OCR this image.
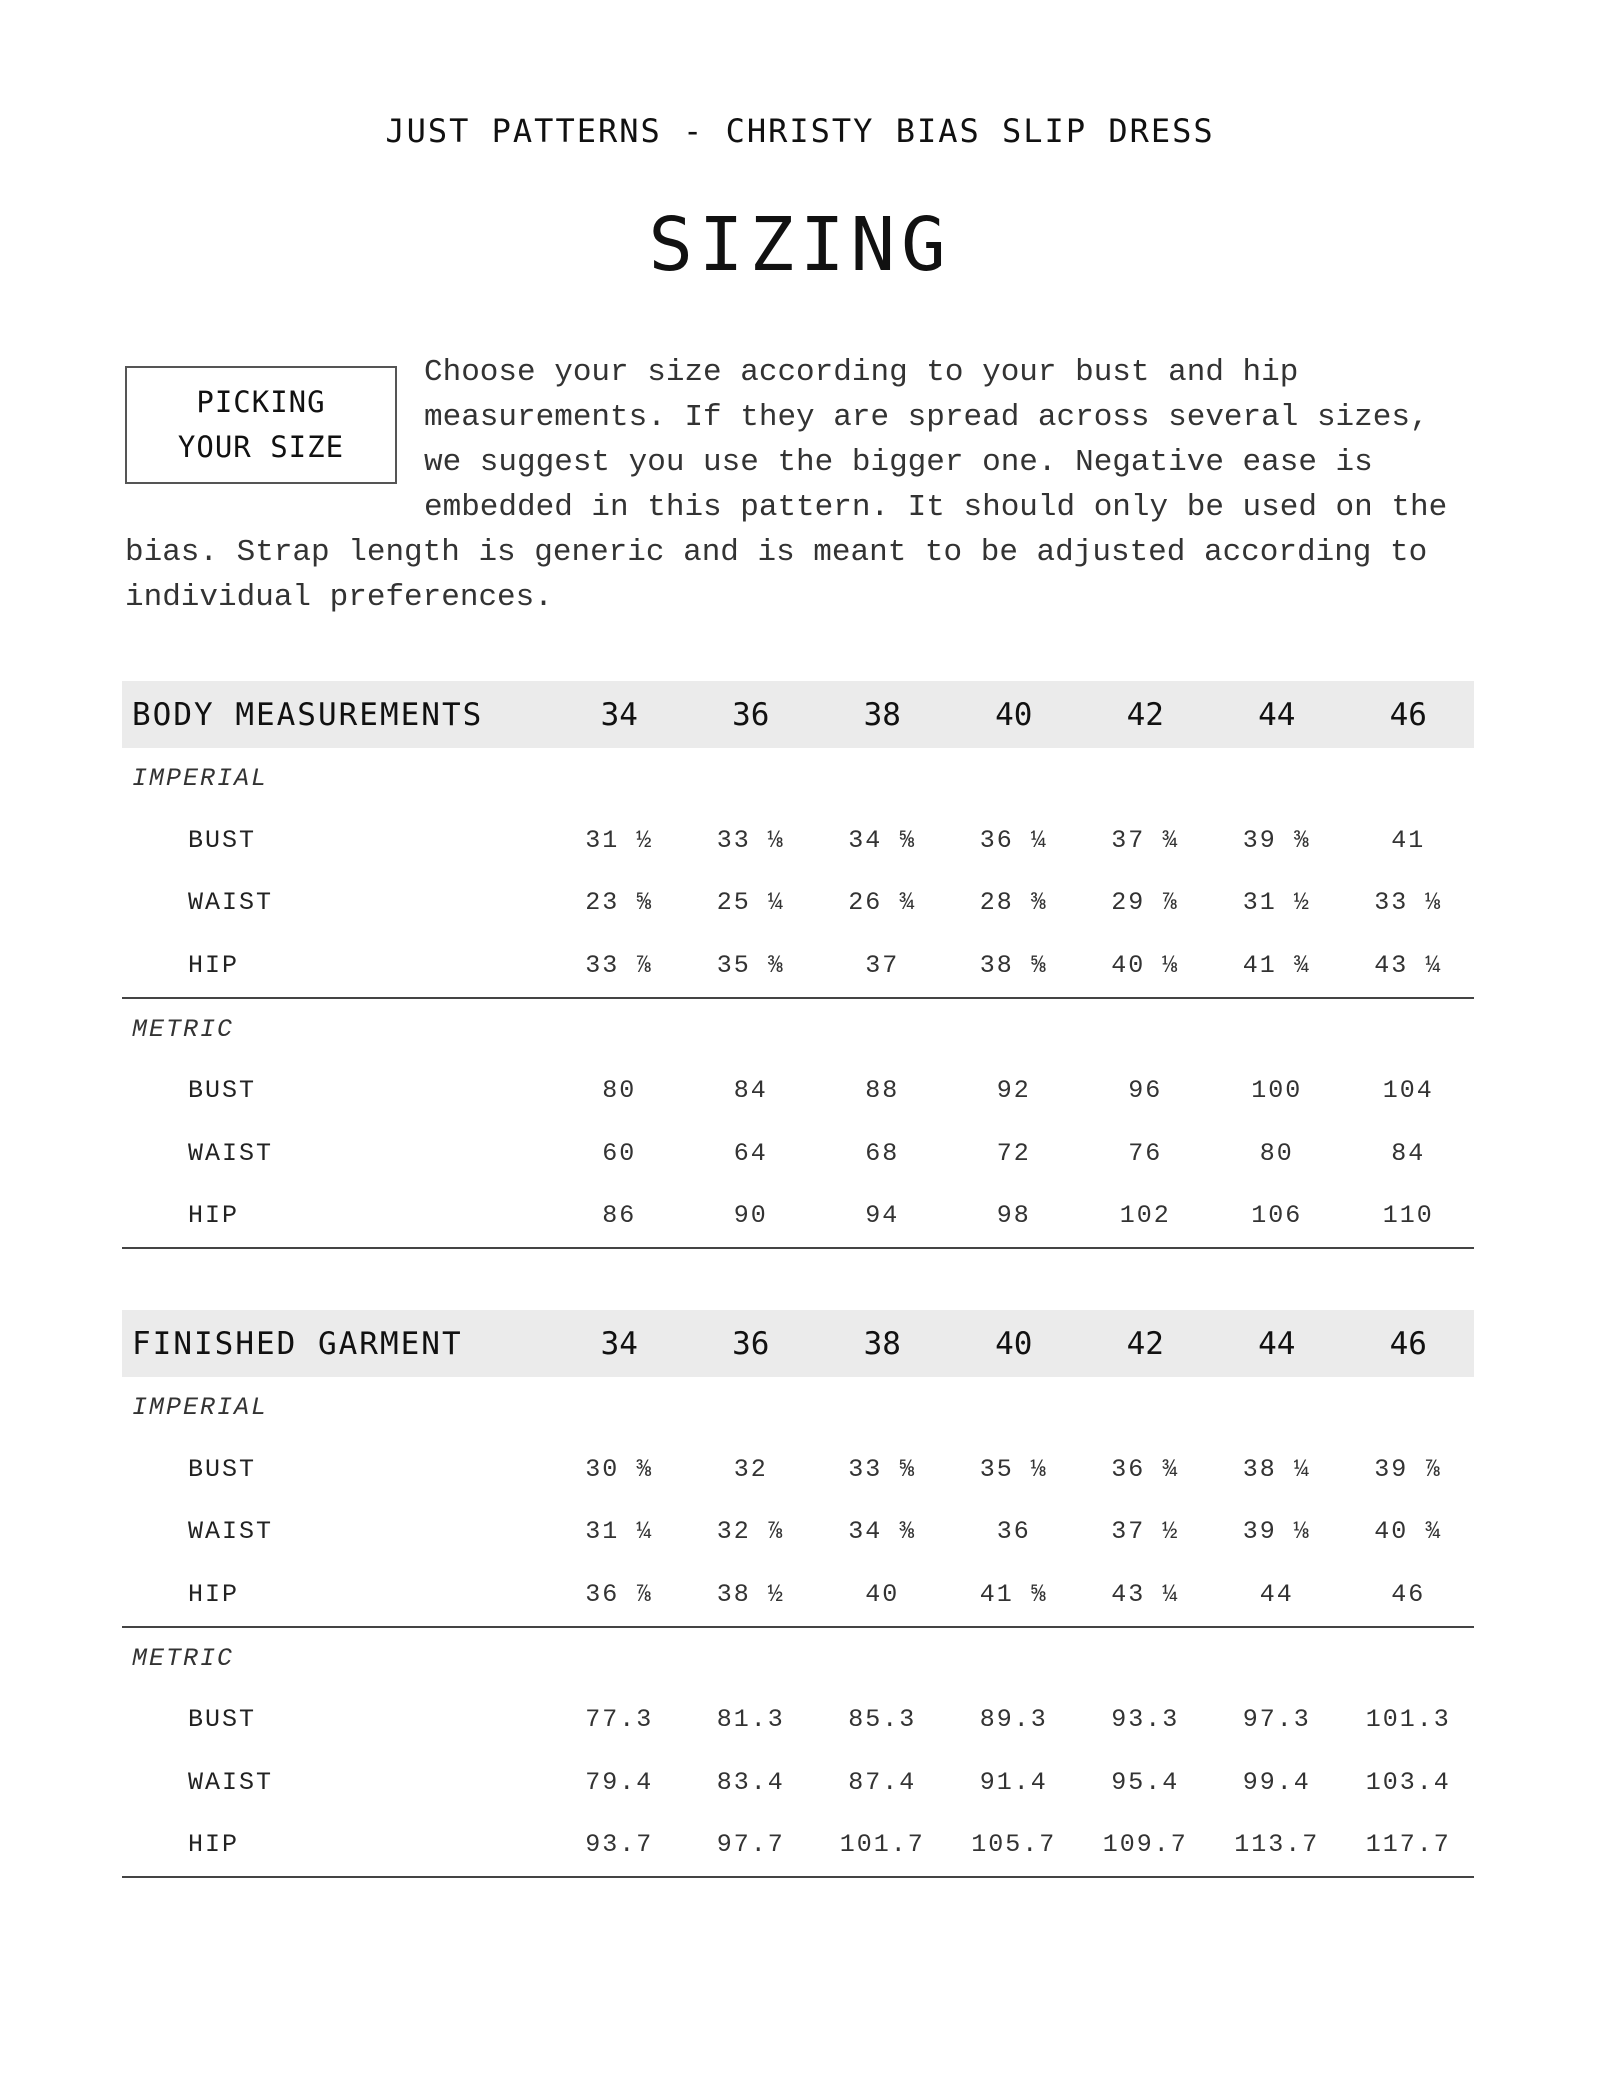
JUST PATTERNS - CHRISTY BIAS SLIP DRESS
SIZING
PICKING
YOUR SIZE
Choose your size according to your bust and hip measurements. If they are spread across several sizes, we suggest you use the bigger one. Negative ease is embedded in this pattern. It should only be used on the bias. Strap length is generic and is meant to be adjusted according to individual preferences.
BODY MEASUREMENTS	34	36	38	40	42	44	46
IMPERIAL
BUST	31 ½	33 ⅛	34 ⅝	36 ¼	37 ¾	39 ⅜	41
WAIST	23 ⅝	25 ¼	26 ¾	28 ⅜	29 ⅞	31 ½	33 ⅛
HIP	33 ⅞	35 ⅜	37	38 ⅝	40 ⅛	41 ¾	43 ¼
METRIC
BUST	80	84	88	92	96	100	104
WAIST	60	64	68	72	76	80	84
HIP	86	90	94	98	102	106	110
FINISHED GARMENT	34	36	38	40	42	44	46
IMPERIAL
BUST	30 ⅜	32	33 ⅝	35 ⅛	36 ¾	38 ¼	39 ⅞
WAIST	31 ¼	32 ⅞	34 ⅜	36	37 ½	39 ⅛	40 ¾
HIP	36 ⅞	38 ½	40	41 ⅝	43 ¼	44	46
METRIC
BUST	77.3	81.3	85.3	89.3	93.3	97.3	101.3
WAIST	79.4	83.4	87.4	91.4	95.4	99.4	103.4
HIP	93.7	97.7	101.7	105.7	109.7	113.7	117.7
